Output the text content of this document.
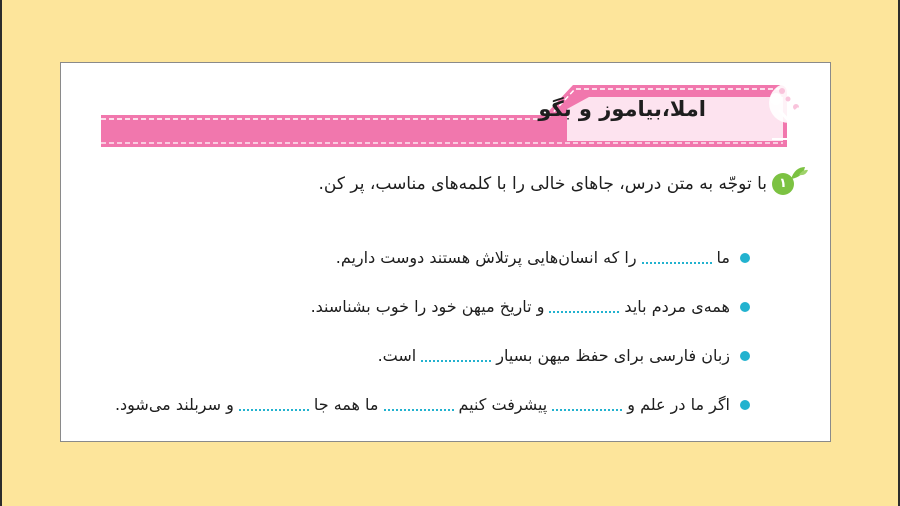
املا،بیاموز و بگو
۱
با توجّه به متن درس، جاهای خالی را با کلمه‌های مناسب، پر کن.
ما
را که انسان‌هایی پرتلاش هستند دوست داریم.
همه‌ی مردم باید
و تاریخ میهن خود را خوب بشناسند.
زبان فارسی برای حفظ میهن بسیار
است.
اگر ما در علم و
پیشرفت کنیم
ما همه جا
و سربلند می‌شود.
